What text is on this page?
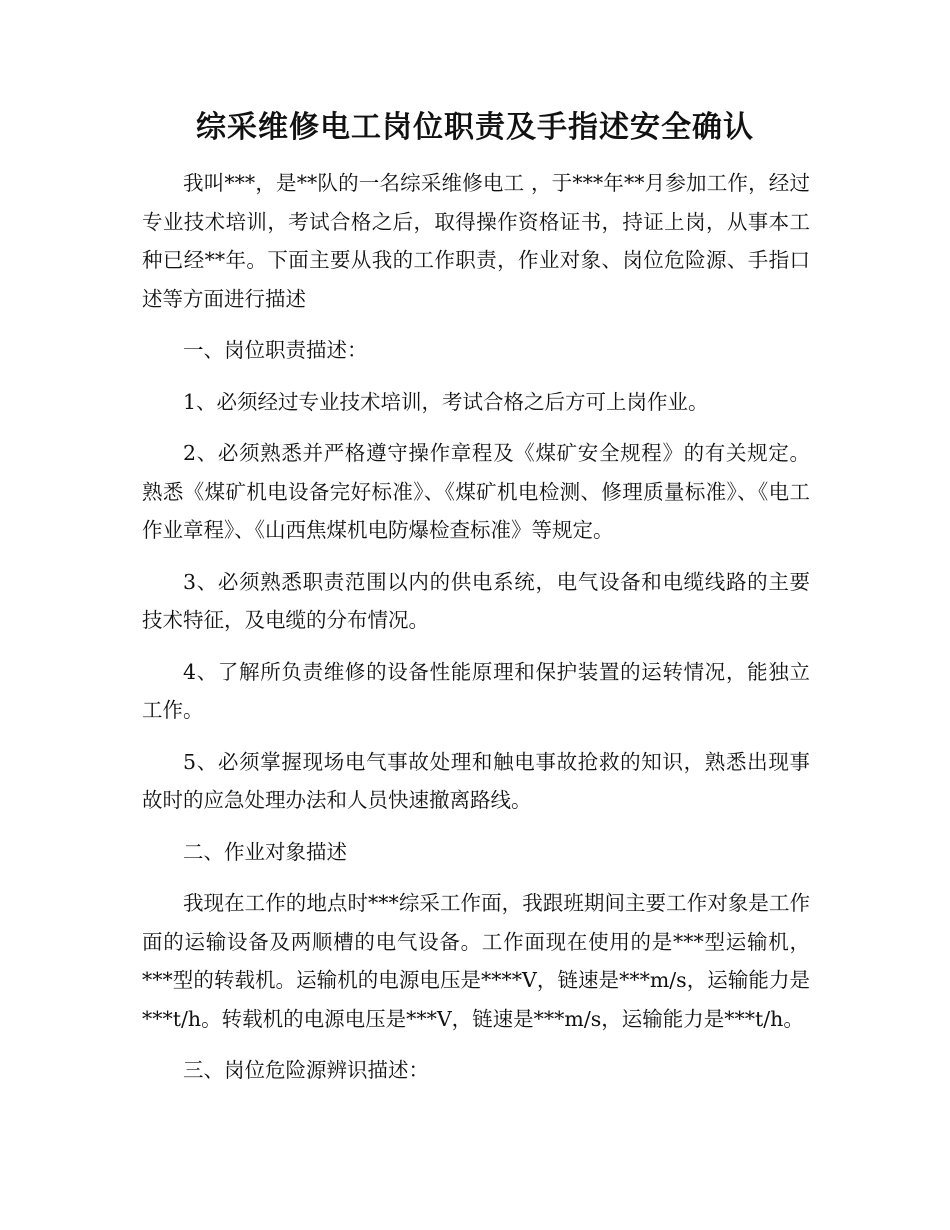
综采维修电工岗位职责及手指述安全确认

我叫***，是**队的一名综采维修电工 ，于***年**月参加工作，经过专业技术培训，考试合格之后，取得操作资格证书，持证上岗，从事本工种已经**年。下面主要从我的工作职责，作业对象、岗位危险源、手指口述等方面进行描述

一、岗位职责描述：

1、必须经过专业技术培训，考试合格之后方可上岗作业。

2、必须熟悉并严格遵守操作章程及《煤矿安全规程》的有关规定。熟悉《煤矿机电设备完好标准》、《煤矿机电检测、修理质量标准》、《电工作业章程》、《山西焦煤机电防爆检查标准》等规定。

3、必须熟悉职责范围以内的供电系统，电气设备和电缆线路的主要技术特征，及电缆的分布情况。

4、了解所负责维修的设备性能原理和保护装置的运转情况，能独立工作。

5、必须掌握现场电气事故处理和触电事故抢救的知识，熟悉出现事故时的应急处理办法和人员快速撤离路线。

二、作业对象描述

我现在工作的地点时***综采工作面，我跟班期间主要工作对象是工作面的运输设备及两顺槽的电气设备。工作面现在使用的是***型运输机，***型的转载机。运输机的电源电压是****V，链速是***m/s，运输能力是***t/h。转载机的电源电压是***V，链速是***m/s，运输能力是***t/h。

三、岗位危险源辨识描述：
